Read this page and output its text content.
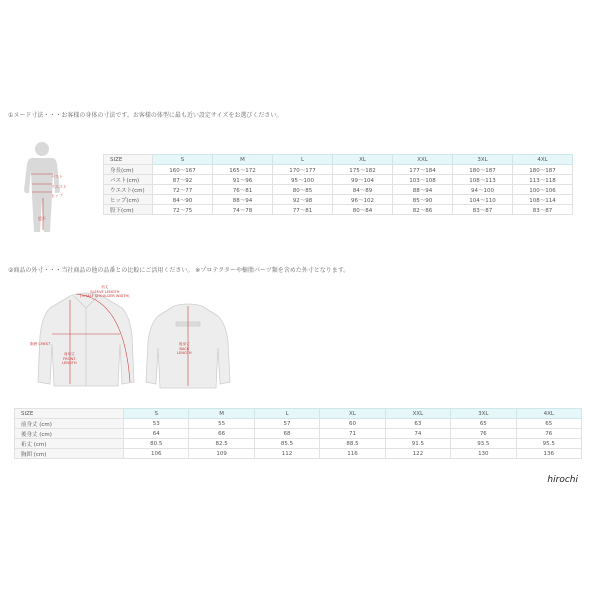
①ヌード寸法・・・お客様の身体の寸法です。お客様の体型に最も近い設定サイズをお選びください。
バスト
ウエスト
ヒップ
股下
SIZE	S	M	L	XL	XXL	3XL	4XL
身長(cm)	160〜167	165〜172	170〜177	175〜182	177〜184	180〜187	180〜187
バスト(cm)	87〜92	91〜96	95〜100	99〜104	103〜108	108〜113	113〜118
ウエスト(cm)	72〜77	76〜81	80〜85	84〜89	88〜94	94〜100	100〜106
ヒップ(cm)	84〜90	88〜94	92〜98	96〜102	85〜90	104〜110	108〜114
股下(cm)	72〜75	74〜78	77〜81	80〜84	82〜86	83〜87	83〜87
②商品の外寸・・・当社商品の他の品番との比較にご活用ください。 ※プロテクターや樹脂パーツ類を含めた外寸となります。
裄丈
SLEEVE LENGTH
(=HALF SHOULDER WIDTH)
胸囲 CHEST
前身丈
FRONT
LENGTH
後身丈
BACK
LENGTH
SIZE	S	M	L	XL	XXL	3XL	4XL
前身丈 (cm)	53	55	57	60	63	65	65
後身丈 (cm)	64	66	68	71	74	76	76
裄丈 (cm)	80.5	82.5	85.5	88.5	91.5	93.5	95.5
胸囲 (cm)	106	109	112	116	122	130	136
hirochi
